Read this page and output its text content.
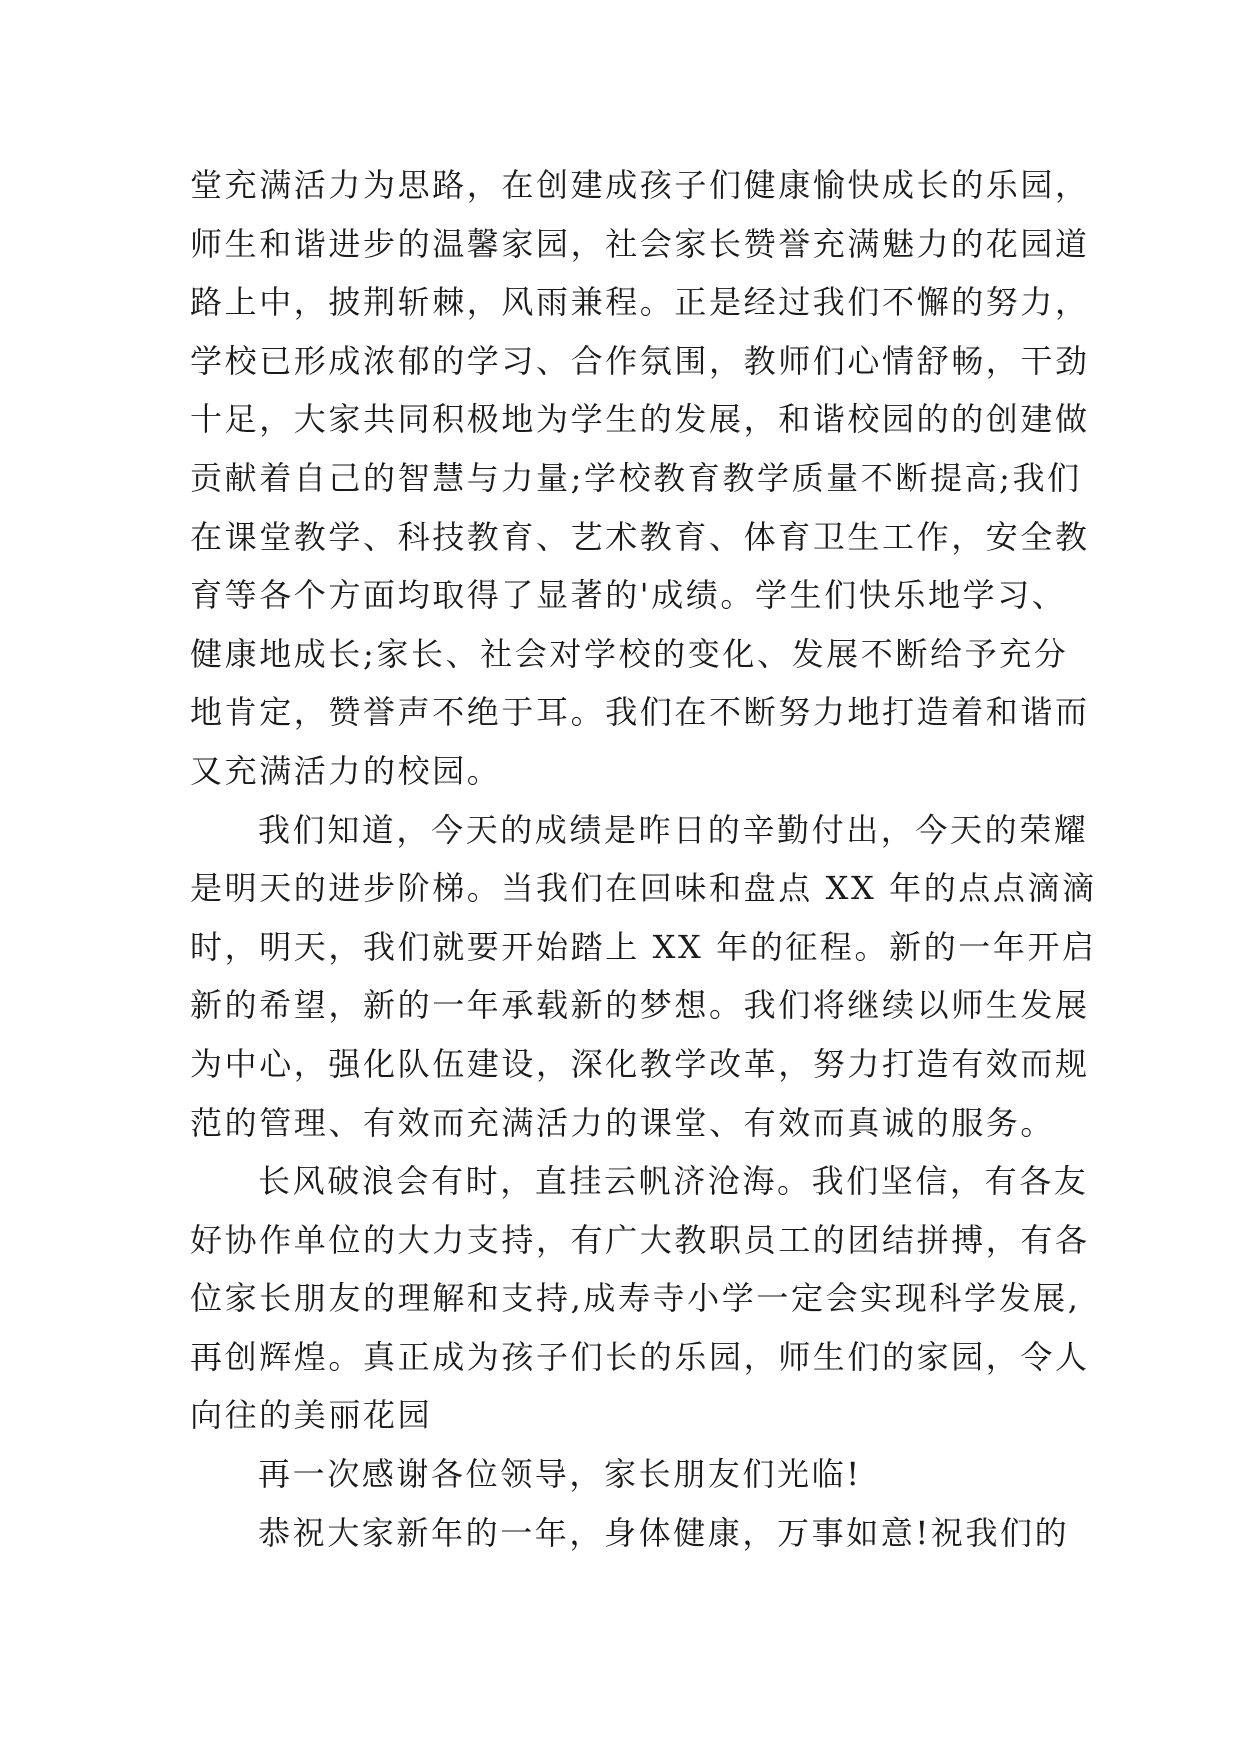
堂充满活力为思路，在创建成孩子们健康愉快成长的乐园，
师生和谐进步的温馨家园，社会家长赞誉充满魅力的花园道
路上中，披荆斩棘，风雨兼程。正是经过我们不懈的努力，
学校已形成浓郁的学习、合作氛围，教师们心情舒畅，干劲
十足，大家共同积极地为学生的发展，和谐校园的的创建做
贡献着自己的智慧与力量;学校教育教学质量不断提高;我们
在课堂教学、科技教育、艺术教育、体育卫生工作，安全教
育等各个方面均取得了显著的'成绩。学生们快乐地学习、
健康地成长;家长、社会对学校的变化、发展不断给予充分
地肯定，赞誉声不绝于耳。我们在不断努力地打造着和谐而
又充满活力的校园。
我们知道，今天的成绩是昨日的辛勤付出，今天的荣耀
是明天的进步阶梯。当我们在回味和盘点 XX 年的点点滴滴
时，明天，我们就要开始踏上 XX 年的征程。新的一年开启
新的希望，新的一年承载新的梦想。我们将继续以师生发展
为中心，强化队伍建设，深化教学改革，努力打造有效而规
范的管理、有效而充满活力的课堂、有效而真诚的服务。
长风破浪会有时，直挂云帆济沧海。我们坚信，有各友
好协作单位的大力支持，有广大教职员工的团结拼搏，有各
位家长朋友的理解和支持,成寿寺小学一定会实现科学发展,
再创辉煌。真正成为孩子们长的乐园，师生们的家园，令人
向往的美丽花园
再一次感谢各位领导，家长朋友们光临!
恭祝大家新年的一年，身体健康，万事如意!祝我们的
